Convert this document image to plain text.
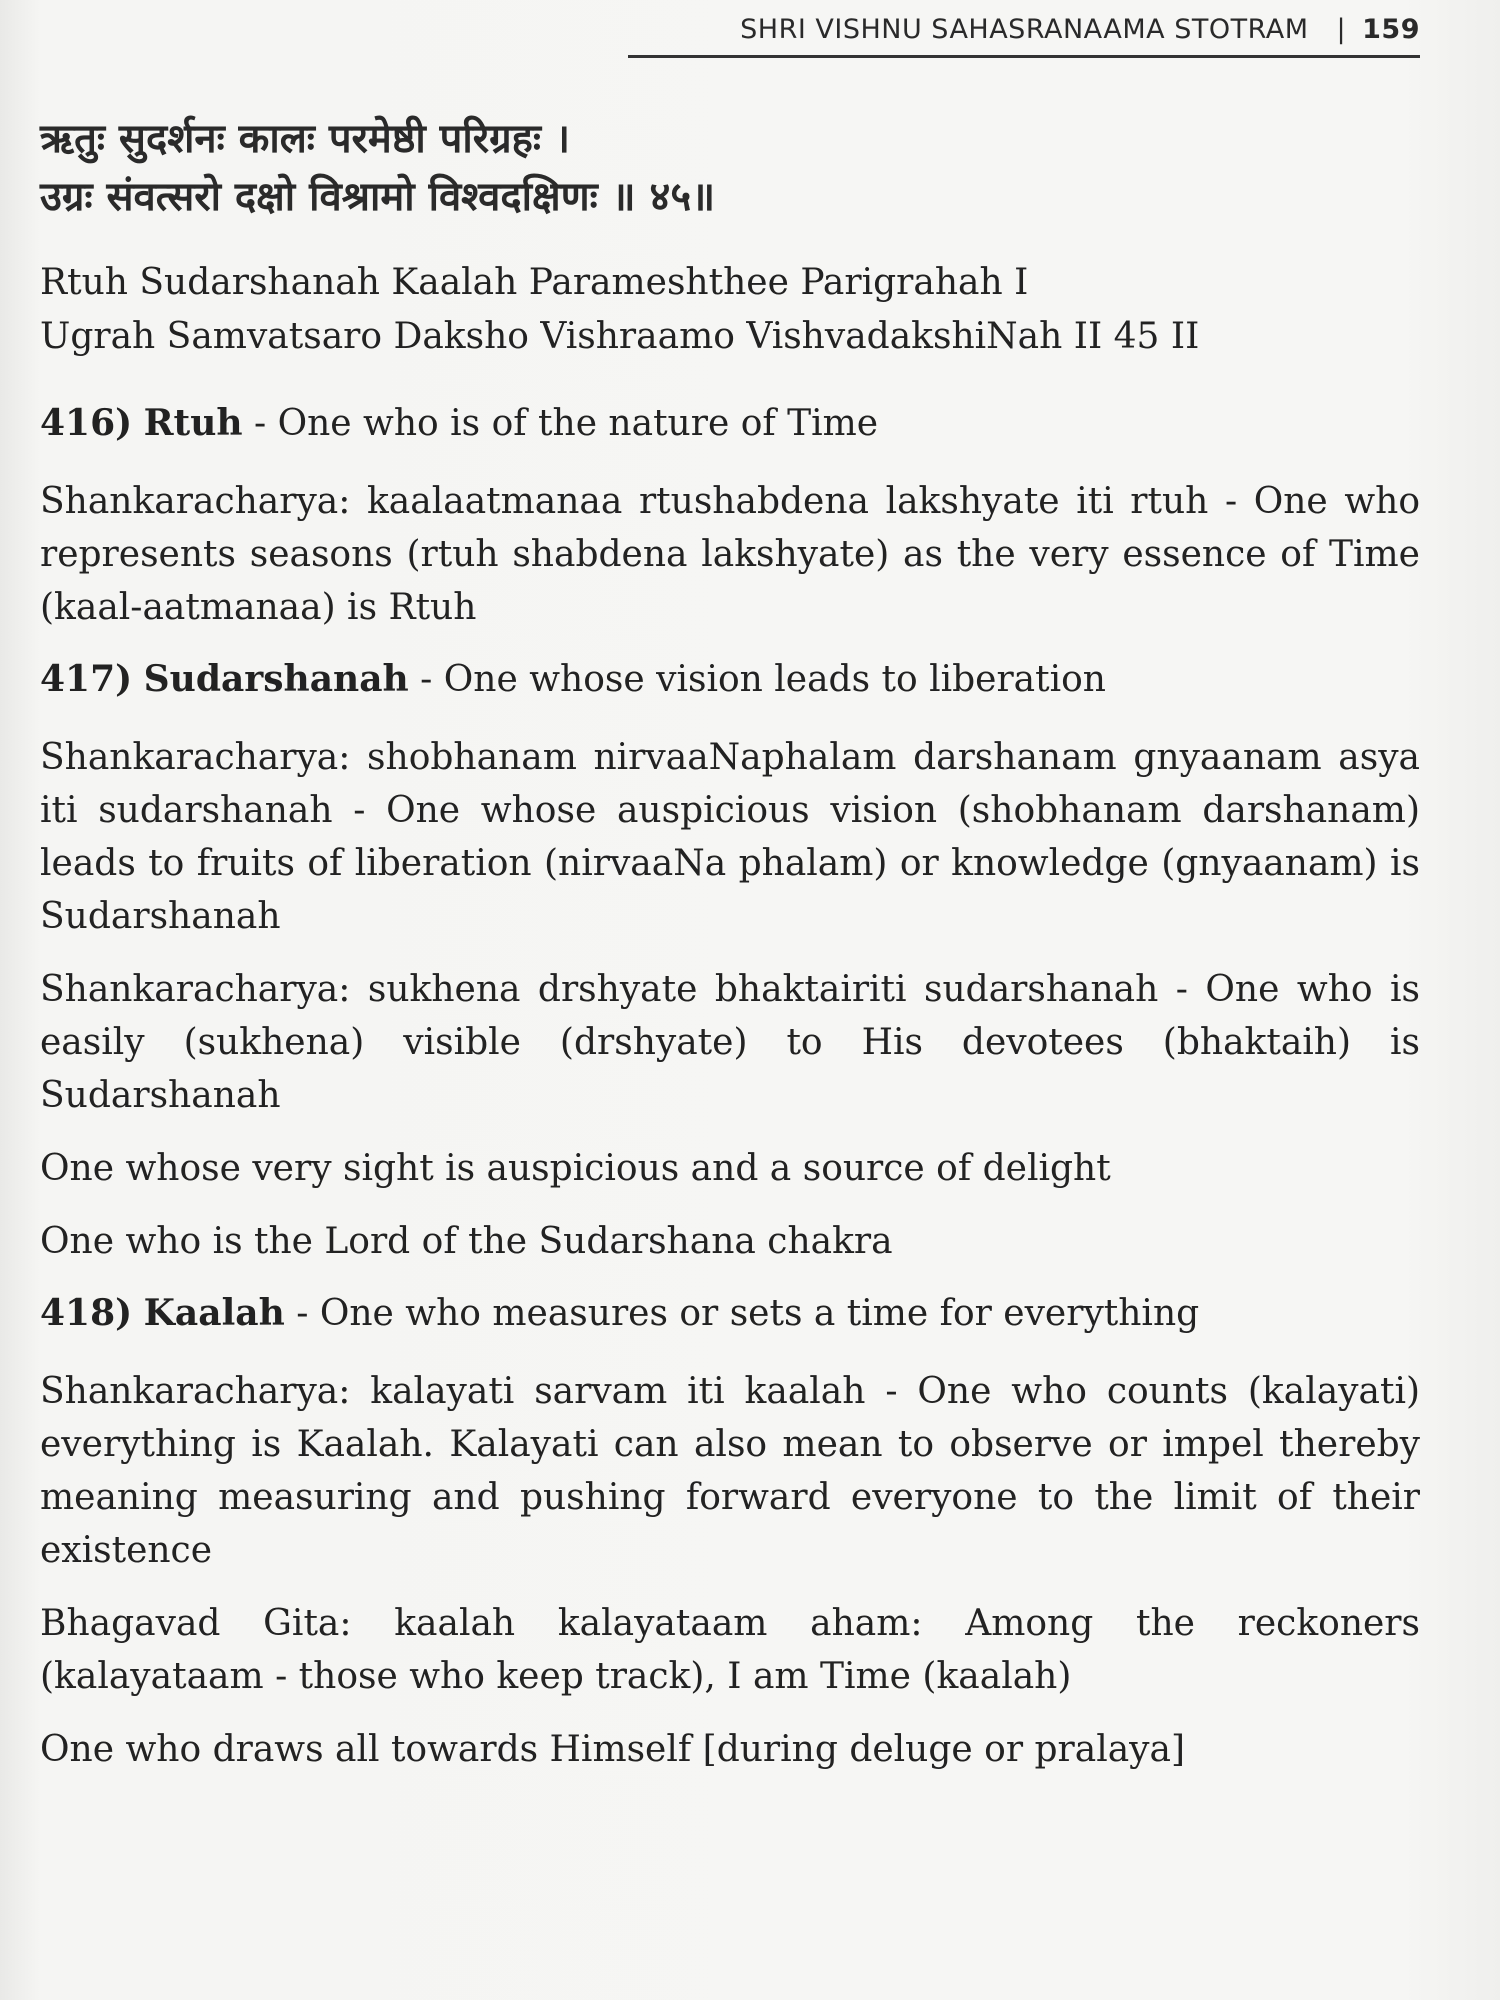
SHRI VISHNU SAHASRANAAMA STOTRAM | 159
ऋतुः सुदर्शनः कालः परमेष्ठी परिग्रहः ।
उग्रः संवत्सरो दक्षो विश्रामो विश्वदक्षिणः ॥ ४५॥
Rtuh Sudarshanah Kaalah Parameshthee Parigrahah I
Ugrah Samvatsaro Daksho Vishraamo VishvadakshiNah II 45 II
416) Rtuh - One who is of the nature of Time

Shankaracharya: kaalaatmanaa rtushabdena lakshyate iti rtuh - One who represents seasons (rtuh shabdena lakshyate) as the very essence of Time (kaal-aatmanaa) is Rtuh

417) Sudarshanah - One whose vision leads to liberation

Shankaracharya: shobhanam nirvaaNaphalam darshanam gnyaanam asya iti sudarshanah - One whose auspicious vision (shobhanam darshanam) leads to fruits of liberation (nirvaaNa phalam) or knowledge (gnyaanam) is Sudarshanah

Shankaracharya: sukhena drshyate bhaktairiti sudarshanah - One who is easily (sukhena) visible (drshyate) to His devotees (bhaktaih) is Sudarshanah

One whose very sight is auspicious and a source of delight

One who is the Lord of the Sudarshana chakra

418) Kaalah - One who measures or sets a time for everything

Shankaracharya: kalayati sarvam iti kaalah - One who counts (kalayati) everything is Kaalah. Kalayati can also mean to observe or impel thereby meaning measuring and pushing forward everyone to the limit of their existence

Bhagavad Gita: kaalah kalayataam aham: Among the reckoners (kalayataam - those who keep track), I am Time (kaalah)

One who draws all towards Himself [during deluge or pralaya]
